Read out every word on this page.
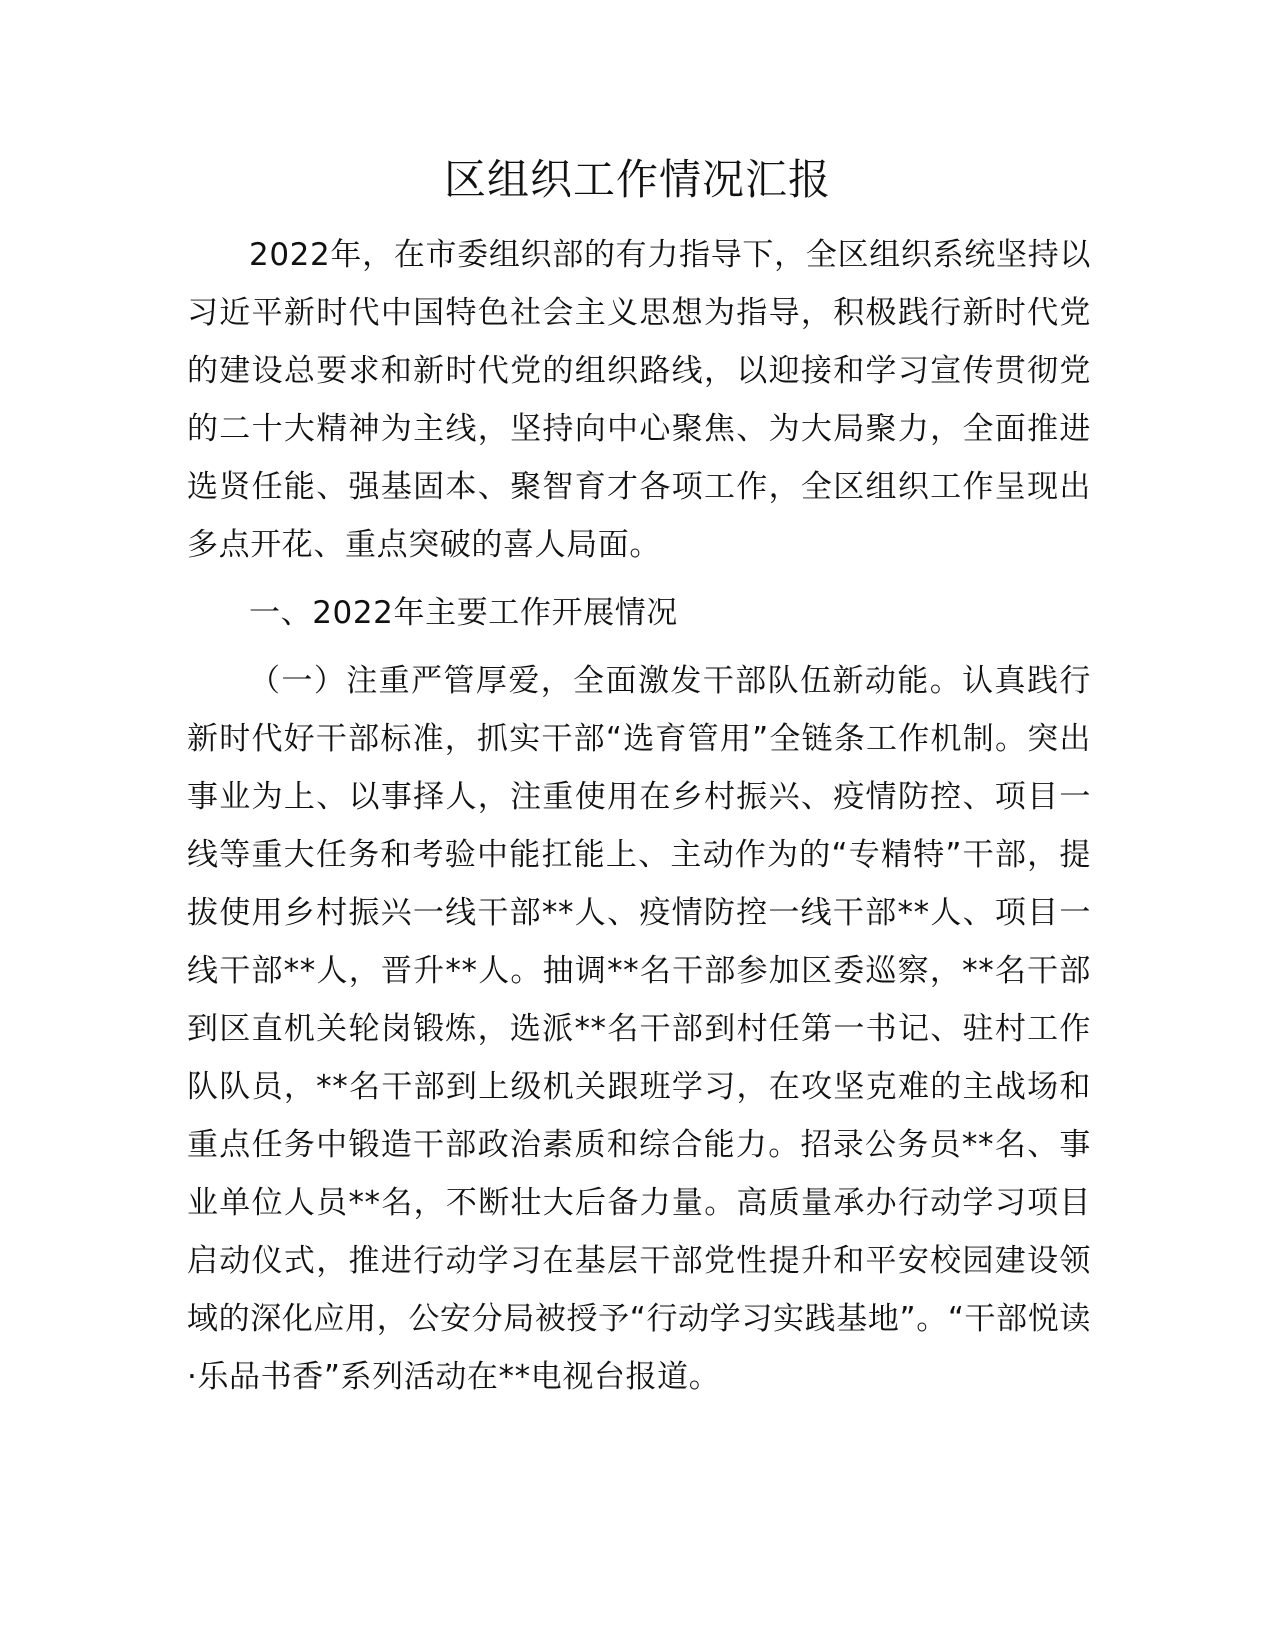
区组织工作情况汇报

2022年，在市委组织部的有力指导下，全区组织系统坚持以习近平新时代中国特色社会主义思想为指导，积极践行新时代党的建设总要求和新时代党的组织路线，以迎接和学习宣传贯彻党的二十大精神为主线，坚持向中心聚焦、为大局聚力，全面推进选贤任能、强基固本、聚智育才各项工作，全区组织工作呈现出多点开花、重点突破的喜人局面。

一、2022年主要工作开展情况

（一）注重严管厚爱，全面激发干部队伍新动能。认真践行新时代好干部标准，抓实干部“选育管用”全链条工作机制。突出事业为上、以事择人，注重使用在乡村振兴、疫情防控、项目一线等重大任务和考验中能扛能上、主动作为的“专精特”干部，提拔使用乡村振兴一线干部**人、疫情防控一线干部**人、项目一线干部**人，晋升**人。抽调**名干部参加区委巡察，**名干部到区直机关轮岗锻炼，选派**名干部到村任第一书记、驻村工作队队员，**名干部到上级机关跟班学习，在攻坚克难的主战场和重点任务中锻造干部政治素质和综合能力。招录公务员**名、事业单位人员**名，不断壮大后备力量。高质量承办行动学习项目启动仪式，推进行动学习在基层干部党性提升和平安校园建设领域的深化应用，公安分局被授予“行动学习实践基地”。“干部悦读·乐品书香”系列活动在**电视台报道。
